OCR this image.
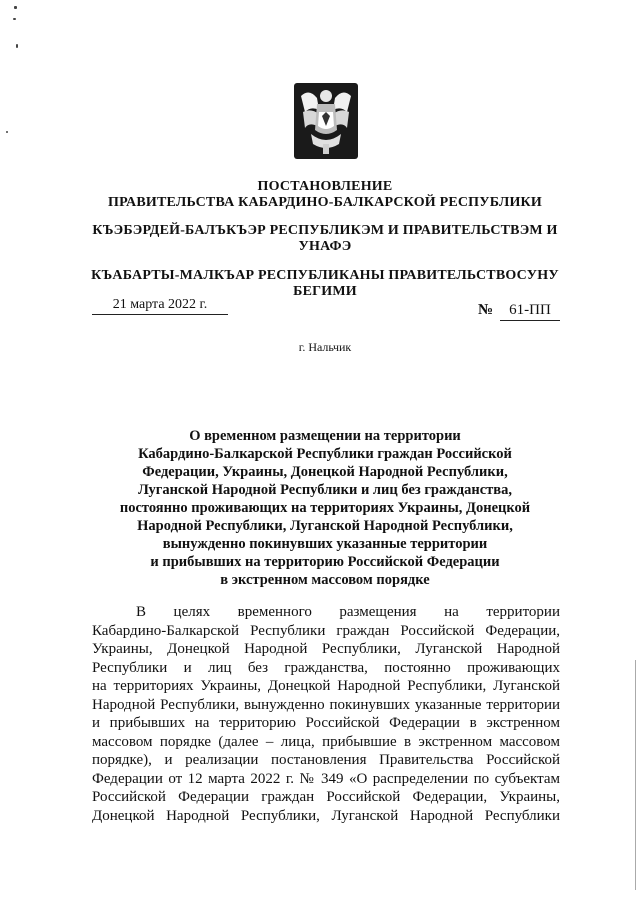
ПОСТАНОВЛЕНИЕ
ПРАВИТЕЛЬСТВА КАБАРДИНО-БАЛКАРСКОЙ РЕСПУБЛИКИ
КЪЭБЭРДЕЙ-БАЛЪКЪЭР РЕСПУБЛИКЭМ И ПРАВИТЕЛЬСТВЭМ И
УНАФЭ
КЪАБАРТЫ-МАЛКЪАР РЕСПУБЛИКАНЫ ПРАВИТЕЛЬСТВОСУНУ
БЕГИМИ
21 марта 2022 г.	№	61-ПП
г. Нальчик
О временном размещении на территории
Кабардино-Балкарской Республики граждан Российской
Федерации, Украины, Донецкой Народной Республики,
Луганской Народной Республики и лиц без гражданства,
постоянно проживающих на территориях Украины, Донецкой
Народной Республики, Луганской Народной Республики,
вынужденно покинувших указанные территории
и прибывших на территорию Российской Федерации
в экстренном массовом порядке
В целях временного размещения на территории
Кабардино-Балкарской Республики граждан Российской Федерации,
Украины, Донецкой Народной Республики, Луганской Народной
Республики и лиц без гражданства, постоянно проживающих
на территориях Украины, Донецкой Народной Республики, Луганской
Народной Республики, вынужденно покинувших указанные территории
и прибывших на территорию Российской Федерации в экстренном
массовом порядке (далее – лица, прибывшие в экстренном массовом
порядке), и реализации постановления Правительства Российской
Федерации от 12 марта 2022 г. № 349 «О распределении по субъектам
Российской Федерации граждан Российской Федерации, Украины,
Донецкой Народной Республики, Луганской Народной Республики
